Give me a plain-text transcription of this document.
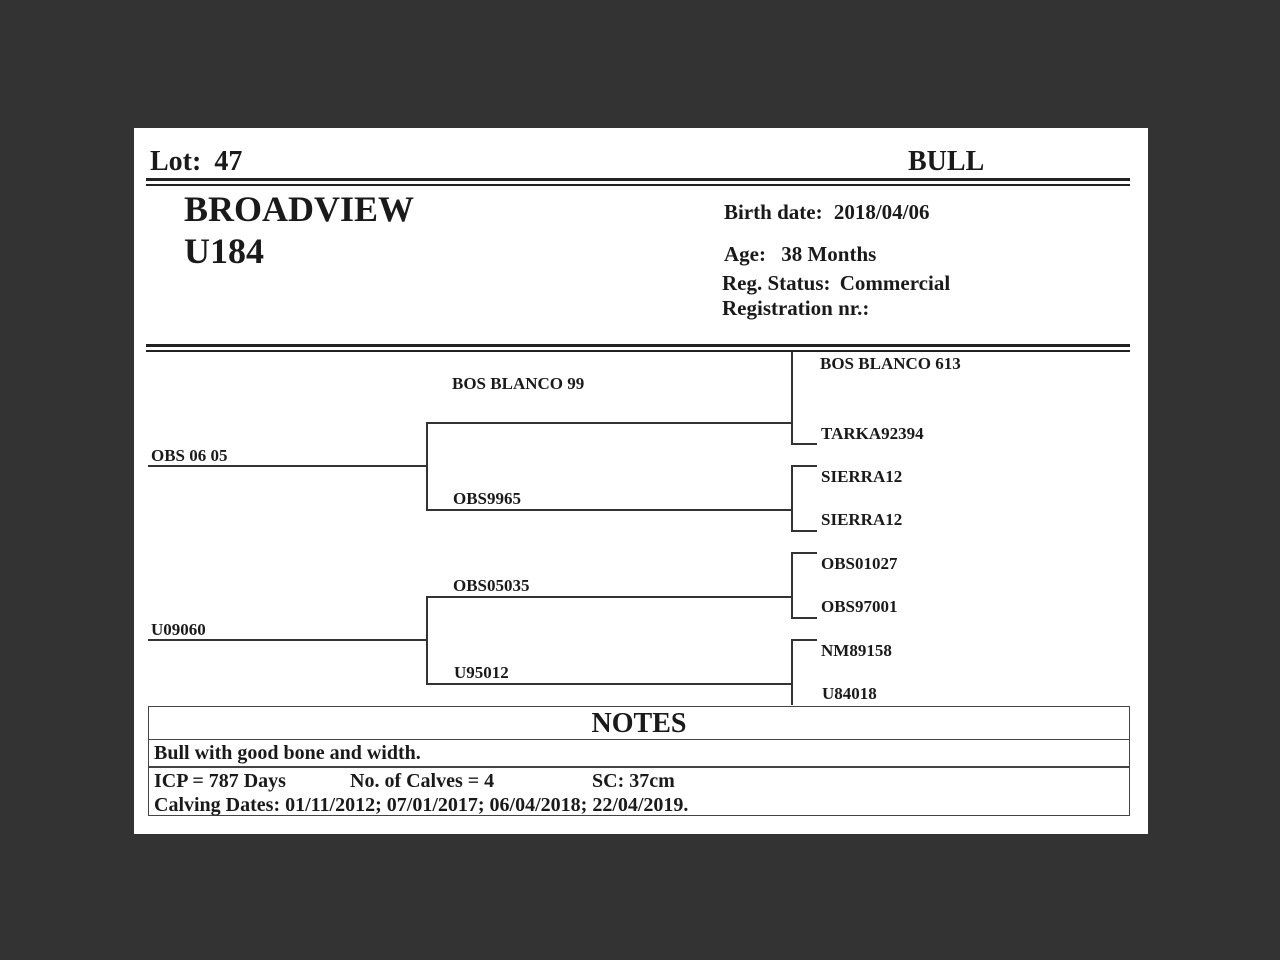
Lot: 47	BULL
BROADVIEW
U184
Birth date: 2018/04/06
Age: 38 Months
Reg. Status: Commercial
Registration nr.:
OBS 06 05
U09060
BOS BLANCO 99
OBS9965
OBS05035
U95012
BOS BLANCO 613
TARKA92394
SIERRA12
SIERRA12
OBS01027
OBS97001
NM89158
U84018
NOTES
Bull with good bone and width.
ICP = 787 Days	No. of Calves = 4	SC: 37cm
Calving Dates: 01/11/2012; 07/01/2017; 06/04/2018; 22/04/2019.
